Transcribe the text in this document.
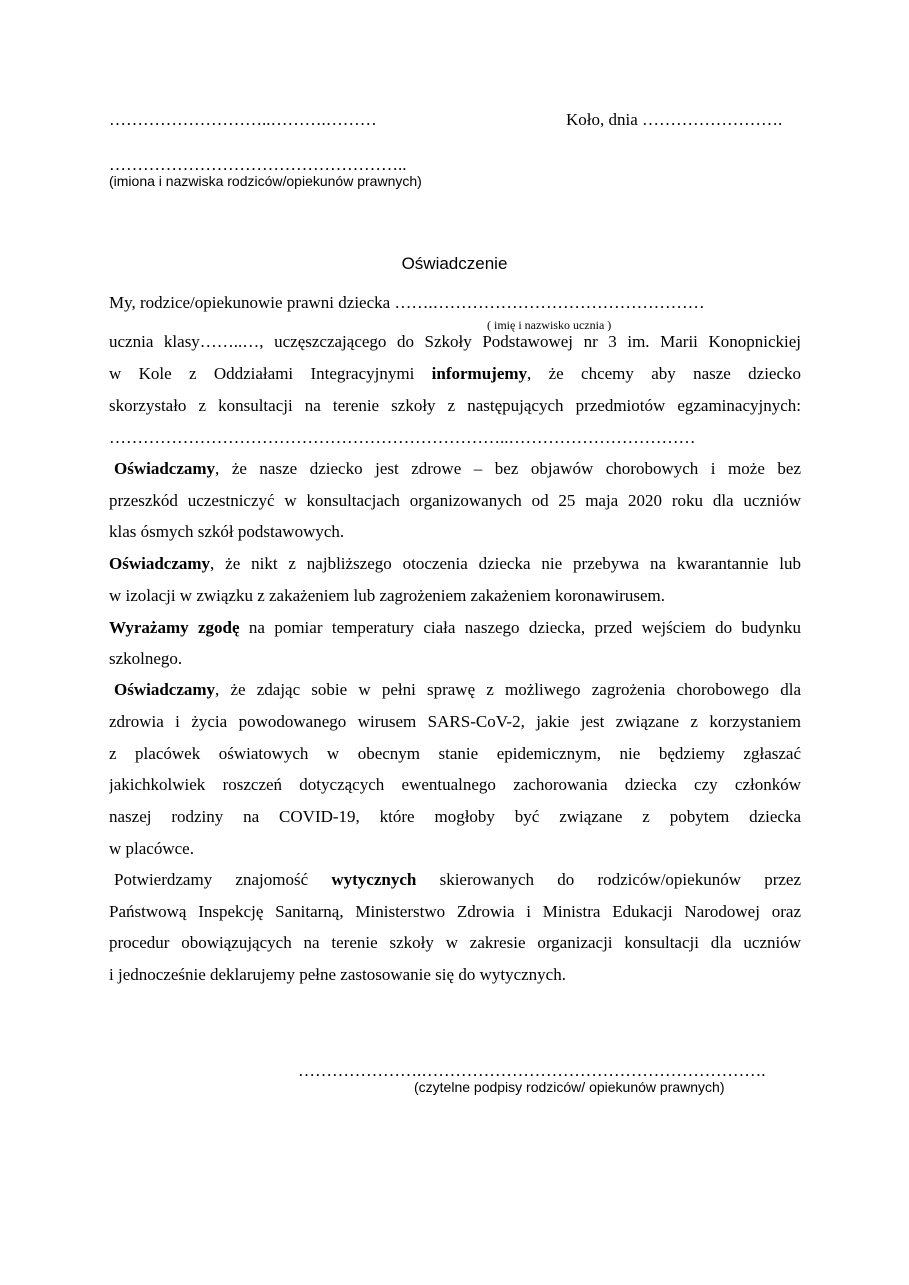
………………………..……….………	Koło, dnia …………………….
……………………………………………..
(imiona i nazwiska rodziców/opiekunów prawnych)
Oświadczenie
My, rodzice/opiekunowie prawni dziecka …….…………………………………………
( imię i nazwisko ucznia )
ucznia klasy……..…, uczęszczającego do Szkoły Podstawowej nr 3 im. Marii Konopnickiej
w Kole z Oddziałami Integracyjnymi informujemy, że chcemy aby nasze dziecko
skorzystało z konsultacji na terenie szkoły z następujących przedmiotów egzaminacyjnych:
……………………………………………………………..……………………………
Oświadczamy, że nasze dziecko jest zdrowe – bez objawów chorobowych i może bez
przeszkód uczestniczyć w konsultacjach organizowanych od 25 maja 2020 roku dla uczniów
klas ósmych szkół podstawowych.
Oświadczamy, że nikt z najbliższego otoczenia dziecka nie przebywa na kwarantannie lub
w izolacji w związku z zakażeniem lub zagrożeniem zakażeniem koronawirusem.
Wyrażamy zgodę na pomiar temperatury ciała naszego dziecka, przed wejściem do budynku
szkolnego.
Oświadczamy, że zdając sobie w pełni sprawę z możliwego zagrożenia chorobowego dla
zdrowia i życia powodowanego wirusem SARS-CoV-2, jakie jest związane z korzystaniem
z placówek oświatowych w obecnym stanie epidemicznym, nie będziemy zgłaszać
jakichkolwiek roszczeń dotyczących ewentualnego zachorowania dziecka czy członków
naszej rodziny na COVID-19, które mogłoby być związane z pobytem dziecka
w placówce.
Potwierdzamy znajomość wytycznych skierowanych do rodziców/opiekunów przez
Państwową Inspekcję Sanitarną, Ministerstwo Zdrowia i Ministra Edukacji Narodowej oraz
procedur obowiązujących na terenie szkoły w zakresie organizacji konsultacji dla uczniów
i jednocześnie deklarujemy pełne zastosowanie się do wytycznych.
………………….…………………………………………………….
(czytelne podpisy rodziców/ opiekunów prawnych)
